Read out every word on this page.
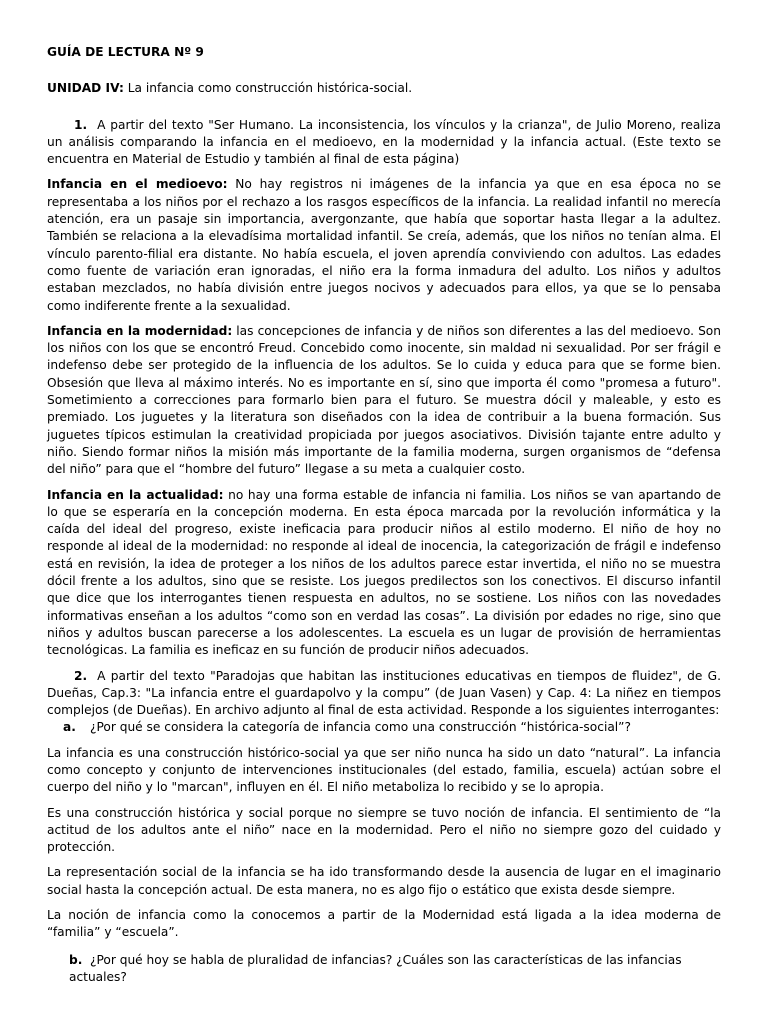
GUÍA DE LECTURA Nº 9

UNIDAD IV: La infancia como construcción histórica-social.

1. A partir del texto "Ser Humano. La inconsistencia, los vínculos y la crianza", de Julio Moreno, realiza un análisis comparando la infancia en el medioevo, en la modernidad y la infancia actual. (Este texto se encuentra en Material de Estudio y también al final de esta página)

Infancia en el medioevo: No hay registros ni imágenes de la infancia ya que en esa época no se representaba a los niños por el rechazo a los rasgos específicos de la infancia. La realidad infantil no merecía atención, era un pasaje sin importancia, avergonzante, que había que soportar hasta llegar a la adultez. También se relaciona a la elevadísima mortalidad infantil. Se creía, además, que los niños no tenían alma. El vínculo parento-filial era distante. No había escuela, el joven aprendía conviviendo con adultos. Las edades como fuente de variación eran ignoradas, el niño era la forma inmadura del adulto. Los niños y adultos estaban mezclados, no había división entre juegos nocivos y adecuados para ellos, ya que se lo pensaba como indiferente frente a la sexualidad.

Infancia en la modernidad: las concepciones de infancia y de niños son diferentes a las del medioevo. Son los niños con los que se encontró Freud. Concebido como inocente, sin maldad ni sexualidad. Por ser frágil e indefenso debe ser protegido de la influencia de los adultos. Se lo cuida y educa para que se forme bien. Obsesión que lleva al máximo interés. No es importante en sí, sino que importa él como "promesa a futuro". Sometimiento a correcciones para formarlo bien para el futuro. Se muestra dócil y maleable, y esto es premiado. Los juguetes y la literatura son diseñados con la idea de contribuir a la buena formación. Sus juguetes típicos estimulan la creatividad propiciada por juegos asociativos. División tajante entre adulto y niño. Siendo formar niños la misión más importante de la familia moderna, surgen organismos de “defensa del niño” para que el “hombre del futuro” llegase a su meta a cualquier costo.

Infancia en la actualidad: no hay una forma estable de infancia ni familia. Los niños se van apartando de lo que se esperaría en la concepción moderna. En esta época marcada por la revolución informática y la caída del ideal del progreso, existe ineficacia para producir niños al estilo moderno. El niño de hoy no responde al ideal de la modernidad: no responde al ideal de inocencia, la categorización de frágil e indefenso está en revisión, la idea de proteger a los niños de los adultos parece estar invertida, el niño no se muestra dócil frente a los adultos, sino que se resiste. Los juegos predilectos son los conectivos. El discurso infantil que dice que los interrogantes tienen respuesta en adultos, no se sostiene. Los niños con las novedades informativas enseñan a los adultos “como son en verdad las cosas”. La división por edades no rige, sino que niños y adultos buscan parecerse a los adolescentes. La escuela es un lugar de provisión de herramientas tecnológicas. La familia es ineficaz en su función de producir niños adecuados.

2. A partir del texto "Paradojas que habitan las instituciones educativas en tiempos de fluidez", de G. Dueñas, Cap.3: "La infancia entre el guardapolvo y la compu” (de Juan Vasen) y Cap. 4: La niñez en tiempos complejos (de Dueñas). En archivo adjunto al final de esta actividad. Responde a los siguientes interrogantes:

a. ¿Por qué se considera la categoría de infancia como una construcción “histórica-social”?

La infancia es una construcción histórico-social ya que ser niño nunca ha sido un dato “natural”. La infancia como concepto y conjunto de intervenciones institucionales (del estado, familia, escuela) actúan sobre el cuerpo del niño y lo "marcan", influyen en él. El niño metaboliza lo recibido y se lo apropia.

Es una construcción histórica y social porque no siempre se tuvo noción de infancia. El sentimiento de “la actitud de los adultos ante el niño” nace en la modernidad. Pero el niño no siempre gozo del cuidado y protección.

La representación social de la infancia se ha ido transformando desde la ausencia de lugar en el imaginario social hasta la concepción actual. De esta manera, no es algo fijo o estático que exista desde siempre.

La noción de infancia como la conocemos a partir de la Modernidad está ligada a la idea moderna de “familia” y “escuela”.

b. ¿Por qué hoy se habla de pluralidad de infancias? ¿Cuáles son las características de las infancias actuales?
